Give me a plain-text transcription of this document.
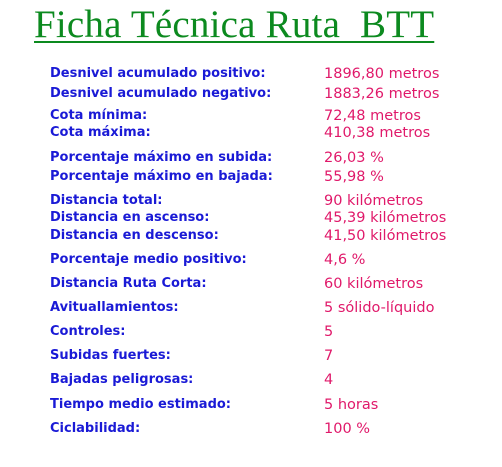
Ficha Técnica Ruta  BTT
Desnivel acumulado positivo:	1896,80 metros
Desnivel acumulado negativo:	1883,26 metros
Cota mínima:	72,48 metros
Cota máxima:	410,38 metros
Porcentaje máximo en subida:	26,03 %
Porcentaje máximo en bajada:	55,98 %
Distancia total:	90 kilómetros
Distancia en ascenso:	45,39 kilómetros
Distancia en descenso:	41,50 kilómetros
Porcentaje medio positivo:	4,6 %
Distancia Ruta Corta:	60 kilómetros
Avituallamientos:	5 sólido-líquido
Controles:	5
Subidas fuertes:	7
Bajadas peligrosas:	4
Tiempo medio estimado:	5 horas
Ciclabilidad:	100 %
